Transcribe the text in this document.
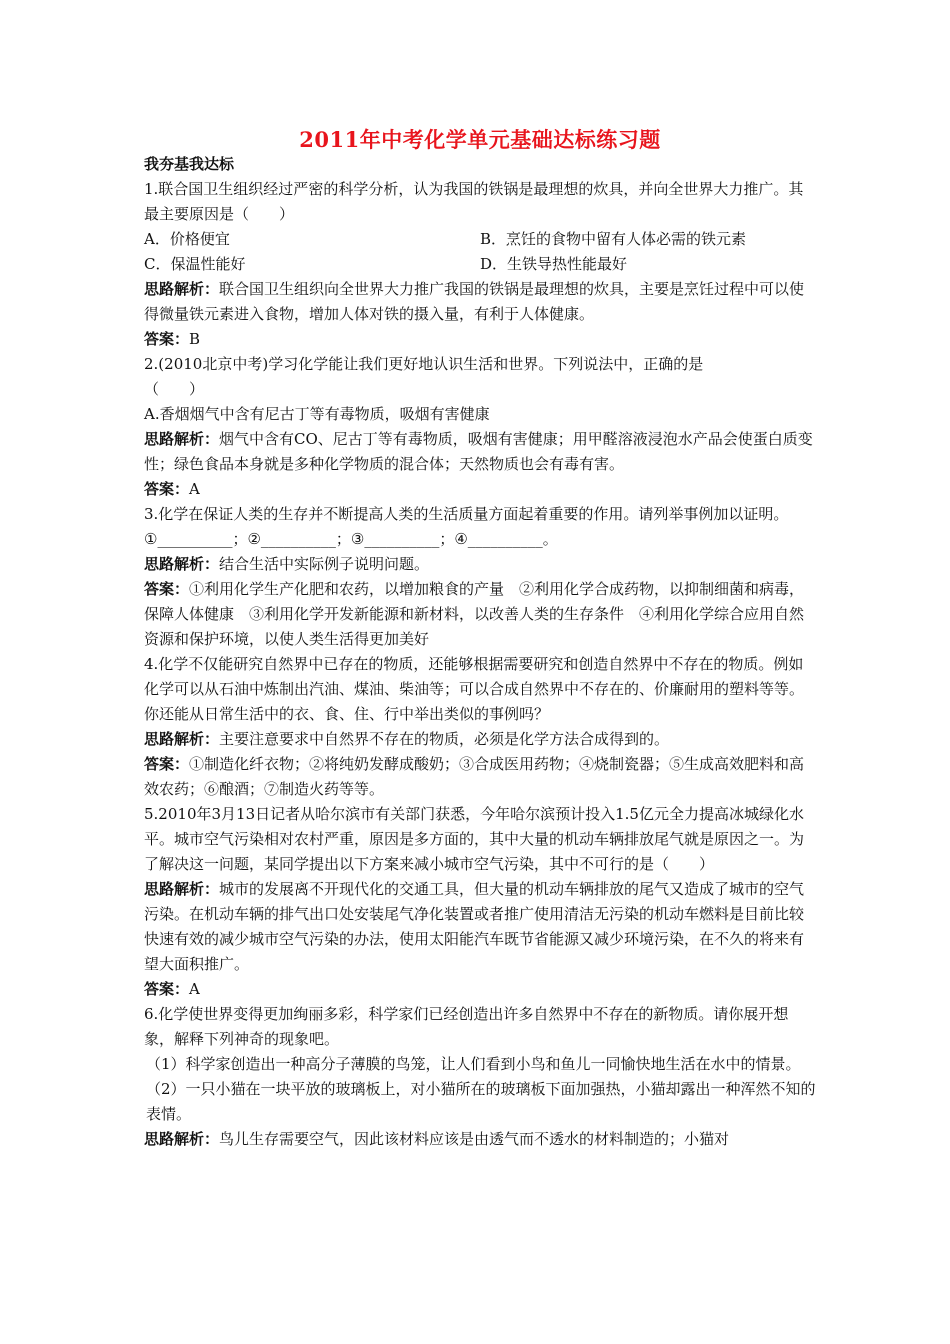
2011年中考化学单元基础达标练习题

我夯基我达标

1.联合国卫生组织经过严密的科学分析，认为我国的铁锅是最理想的炊具，并向全世界大力推广。其最主要原因是（　　）

A．价格便宜	B．烹饪的食物中留有人体必需的铁元素

C．保温性能好	D．生铁导热性能最好

思路解析：联合国卫生组织向全世界大力推广我国的铁锅是最理想的炊具，主要是烹饪过程中可以使得微量铁元素进入食物，增加人体对铁的摄入量，有利于人体健康。

答案：B

2.(2010北京中考)学习化学能让我们更好地认识生活和世界。下列说法中，正确的是

（　　）

A.香烟烟气中含有尼古丁等有毒物质，吸烟有害健康

思路解析：烟气中含有CO、尼古丁等有毒物质，吸烟有害健康；用甲醛溶液浸泡水产品会使蛋白质变性；绿色食品本身就是多种化学物质的混合体；天然物质也会有毒有害。

答案：A

3.化学在保证人类的生存并不断提高人类的生活质量方面起着重要的作用。请列举事例加以证明。

①__________；②__________；③__________；④__________。

思路解析：结合生活中实际例子说明问题。

答案：①利用化学生产化肥和农药，以增加粮食的产量　②利用化学合成药物，以抑制细菌和病毒，保障人体健康　③利用化学开发新能源和新材料，以改善人类的生存条件　④利用化学综合应用自然资源和保护环境，以使人类生活得更加美好

4.化学不仅能研究自然界中已存在的物质，还能够根据需要研究和创造自然界中不存在的物质。例如化学可以从石油中炼制出汽油、煤油、柴油等；可以合成自然界中不存在的、价廉耐用的塑料等等。你还能从日常生活中的衣、食、住、行中举出类似的事例吗？

思路解析：主要注意要求中自然界不存在的物质，必须是化学方法合成得到的。

答案：①制造化纤衣物；②将纯奶发酵成酸奶；③合成医用药物；④烧制瓷器；⑤生成高效肥料和高效农药；⑥酿酒；⑦制造火药等等。

5.2010年3月13日记者从哈尔滨市有关部门获悉，今年哈尔滨预计投入1.5亿元全力提高冰城绿化水平。城市空气污染相对农村严重，原因是多方面的，其中大量的机动车辆排放尾气就是原因之一。为了解决这一问题，某同学提出以下方案来减小城市空气污染，其中不可行的是（　　）

思路解析：城市的发展离不开现代化的交通工具，但大量的机动车辆排放的尾气又造成了城市的空气污染。在机动车辆的排气出口处安装尾气净化装置或者推广使用清洁无污染的机动车燃料是目前比较快速有效的减少城市空气污染的办法，使用太阳能汽车既节省能源又减少环境污染，在不久的将来有望大面积推广。

答案：A

6.化学使世界变得更加绚丽多彩，科学家们已经创造出许多自然界中不存在的新物质。请你展开想象，解释下列神奇的现象吧。

（1）科学家创造出一种高分子薄膜的鸟笼，让人们看到小鸟和鱼儿一同愉快地生活在水中的情景。

（2）一只小猫在一块平放的玻璃板上，对小猫所在的玻璃板下面加强热，小猫却露出一种浑然不知的表情。

思路解析：鸟儿生存需要空气，因此该材料应该是由透气而不透水的材料制造的；小猫对
